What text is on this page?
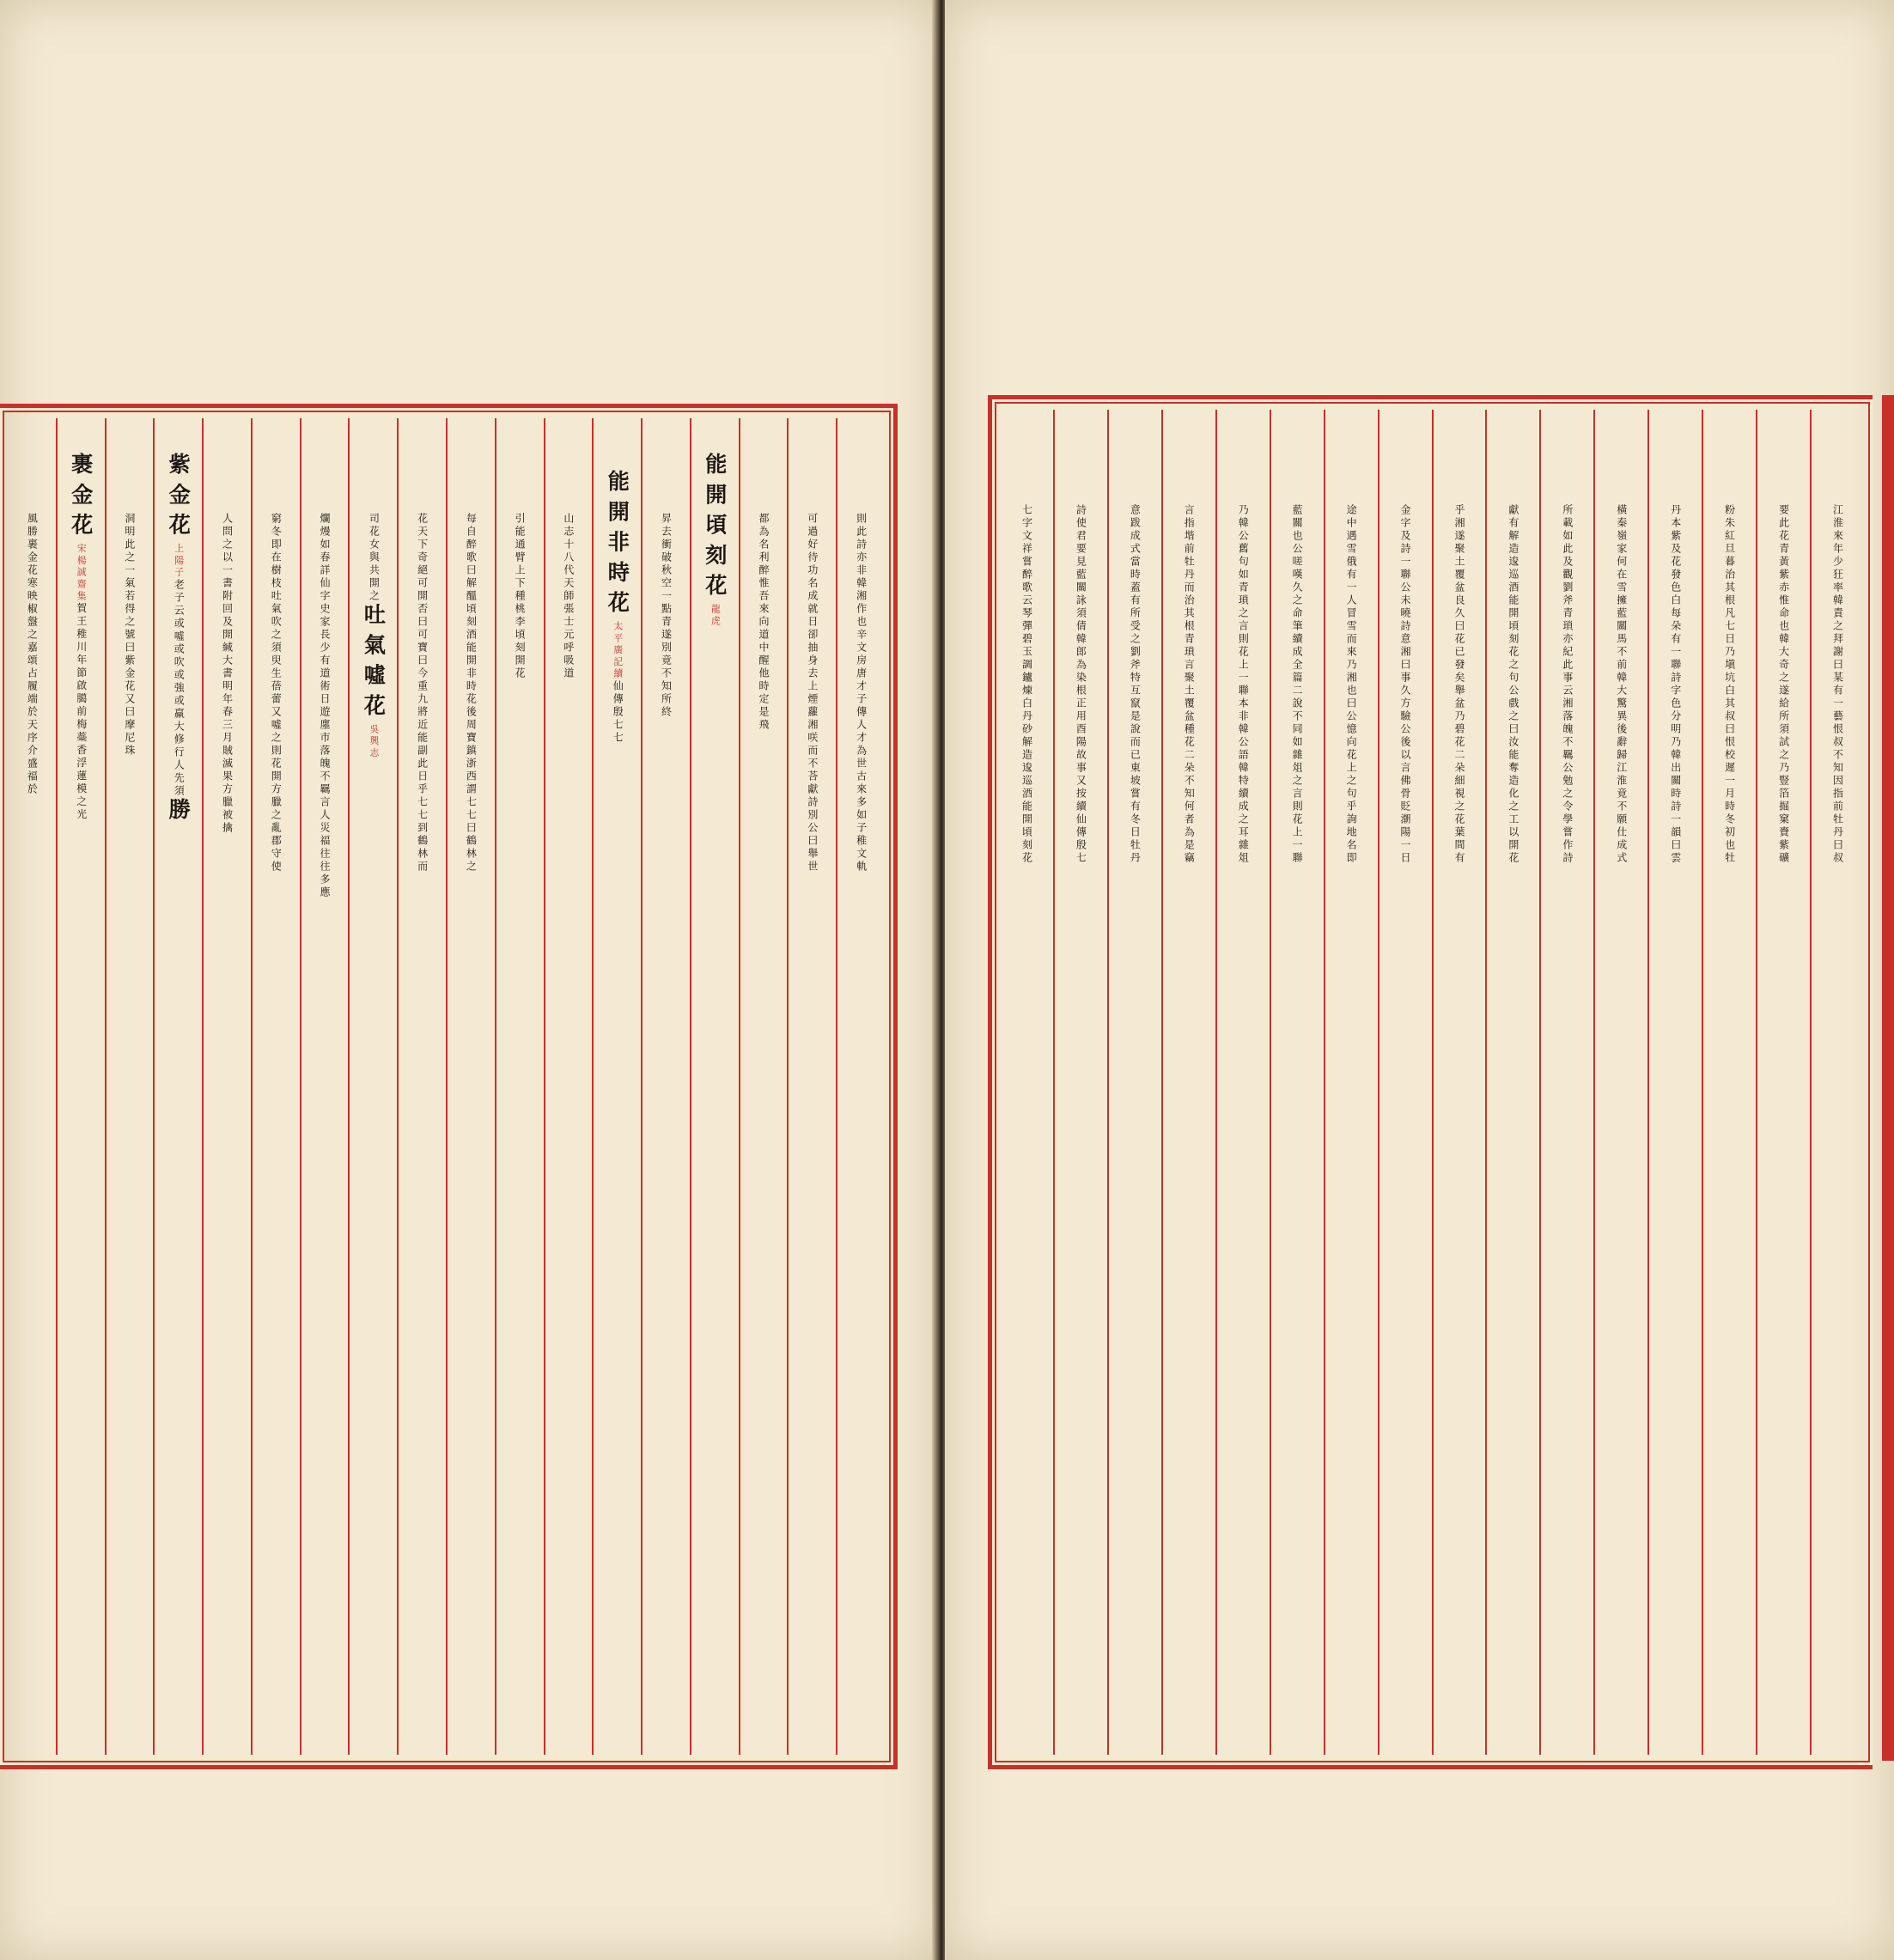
則此詩亦非韓湘作也辛文房唐才子傳人才為世古來多如子稚文軌
可過好待功名成就日卻抽身去上煙蘿湘咲而不荅獻詩別公曰舉世
都為名利醉惟吾來向道中醒他時定是飛
能開頃刻花龍虎
昇去衝破秋空一點青遂別竟不知所終
能開非時花太平廣記續仙傳殷七七
山志十八代天師張士元呼吸道
引能通臂上下種桃李頃刻開花
每自醉歌曰解醞頃刻酒能開非時花後周寶鎮浙西謂七七曰鶴林之
花天下奇絕可開否曰可寶曰今重九將近能副此日乎七七到鶴林而
司花女與共開之吐氣噓花吳興志
爛熳如春詳仙字史家長少有道術日遊廛市落魄不羈言人災福往往多應
窮冬即在樹枝吐氣吹之須臾生蓓蕾又噓之則花開方臘之亂郡守使
人問之以一書附回及開緘大書明年春三月賊滅果方臘被擒
紫金花上陽子老子云或噓或吹或強或羸大修行人先須勝
洞明此之一氣若得之號曰紫金花又曰摩尼珠
裹金花宋楊誠齋集賀王稚川年節啟臈前梅蘂香浮蓮模之光
風勝裹金花寒映椒盤之嘉頌占履端於天序介盛福於	江淮來年少狂率韓責之拜謝曰某有一藝恨叔不知因指前牡丹曰叔
要此花青黃紫赤惟命也韓大奇之遂給所須試之乃豎箔掘窠賚紫礦
粉朱紅旦暮治其根凡七日乃塡坑白其叔曰恨校遲一月時冬初也牡
丹本紫及花發色白每朵有一聯詩字色分明乃韓出關時詩一韻曰雲
橫秦嶺家何在雪擁藍關馬不前韓大驚異後辭歸江淮竟不願仕成式
所載如此及觀劉斧青瑣亦紀此事云湘落魄不羈公勉之令學嘗作詩
獻有解造逡巡酒能開頃刻花之句公戲之曰汝能奪造化之工以開花
乎湘遂聚土覆盆良久曰花已發矣舉盆乃碧花二朵細視之花葉間有
金字及詩一聯公未曉詩意湘曰事久方驗公後以言佛骨貶潮陽一日
途中遇雪俄有一人冒雪而來乃湘也曰公憶向花上之句乎詢地名即
藍關也公嗟嘆久之命筆續成全篇二說不同如雜俎之言則花上一聯
乃韓公舊句如青瑣之言則花上一聯本非韓公語韓特續成之耳雜俎
言指堦前牡丹而治其根青瑣言聚土覆盆種花二朵不知何者為是竊
意跋成式當時蓋有所受之劉斧特互竄是說而已東坡嘗有冬日牡丹
詩使君要見藍關詠須倩韓郎為染根正用酉陽故事又按續仙傳殷七
七字文祥嘗醉歌云琴彈碧玉調鑪煉白丹砂解造逡巡酒能開頃刻花
